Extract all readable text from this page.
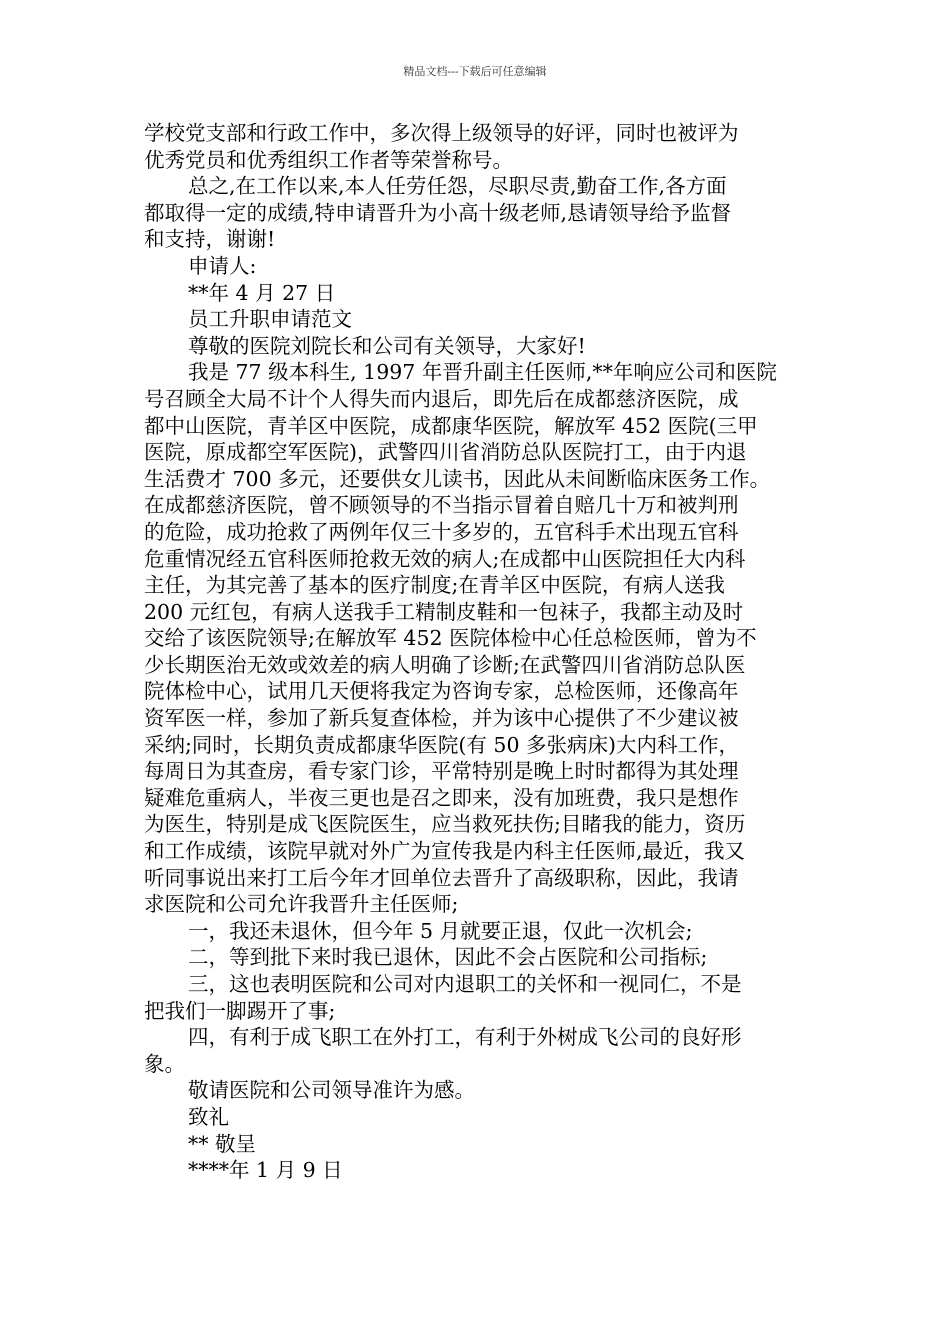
精品文档---下载后可任意编辑
学校党支部和行政工作中，多次得上级领导的好评，同时也被评为
优秀党员和优秀组织工作者等荣誉称号。
总之,在工作以来,本人任劳任怨，尽职尽责,勤奋工作,各方面
都取得一定的成绩,特申请晋升为小高十级老师,恳请领导给予监督
和支持，谢谢!
申请人:
**年 4 月 27 日
员工升职申请范文
尊敬的医院刘院长和公司有关领导，大家好!
我是 77 级本科生, 1997 年晋升副主任医师,**年响应公司和医院
号召顾全大局不计个人得失而内退后，即先后在成都慈济医院，成
都中山医院，青羊区中医院，成都康华医院，解放军 452 医院(三甲
医院，原成都空军医院)，武警四川省消防总队医院打工，由于内退
生活费才 700 多元，还要供女儿读书，因此从未间断临床医务工作。
在成都慈济医院，曾不顾领导的不当指示冒着自赔几十万和被判刑
的危险，成功抢救了两例年仅三十多岁的，五官科手术出现五官科
危重情况经五官科医师抢救无效的病人;在成都中山医院担任大内科
主任，为其完善了基本的医疗制度;在青羊区中医院，有病人送我
200 元红包，有病人送我手工精制皮鞋和一包袜子，我都主动及时
交给了该医院领导;在解放军 452 医院体检中心任总检医师，曾为不
少长期医治无效或效差的病人明确了诊断;在武警四川省消防总队医
院体检中心，试用几天便将我定为咨询专家，总检医师，还像高年
资军医一样，参加了新兵复查体检，并为该中心提供了不少建议被
采纳;同时，长期负责成都康华医院(有 50 多张病床)大内科工作，
每周日为其查房，看专家门诊，平常特别是晚上时时都得为其处理
疑难危重病人，半夜三更也是召之即来，没有加班费，我只是想作
为医生，特别是成飞医院医生，应当救死扶伤;目睹我的能力，资历
和工作成绩，该院早就对外广为宣传我是内科主任医师,最近，我又
听同事说出来打工后今年才回单位去晋升了高级职称，因此，我请
求医院和公司允许我晋升主任医师;
一，我还未退休，但今年 5 月就要正退，仅此一次机会;
二，等到批下来时我已退休，因此不会占医院和公司指标;
三，这也表明医院和公司对内退职工的关怀和一视同仁，不是
把我们一脚踢开了事;
四，有利于成飞职工在外打工，有利于外树成飞公司的良好形
象。
敬请医院和公司领导准许为感。
致礼
** 敬呈
****年 1 月 9 日
